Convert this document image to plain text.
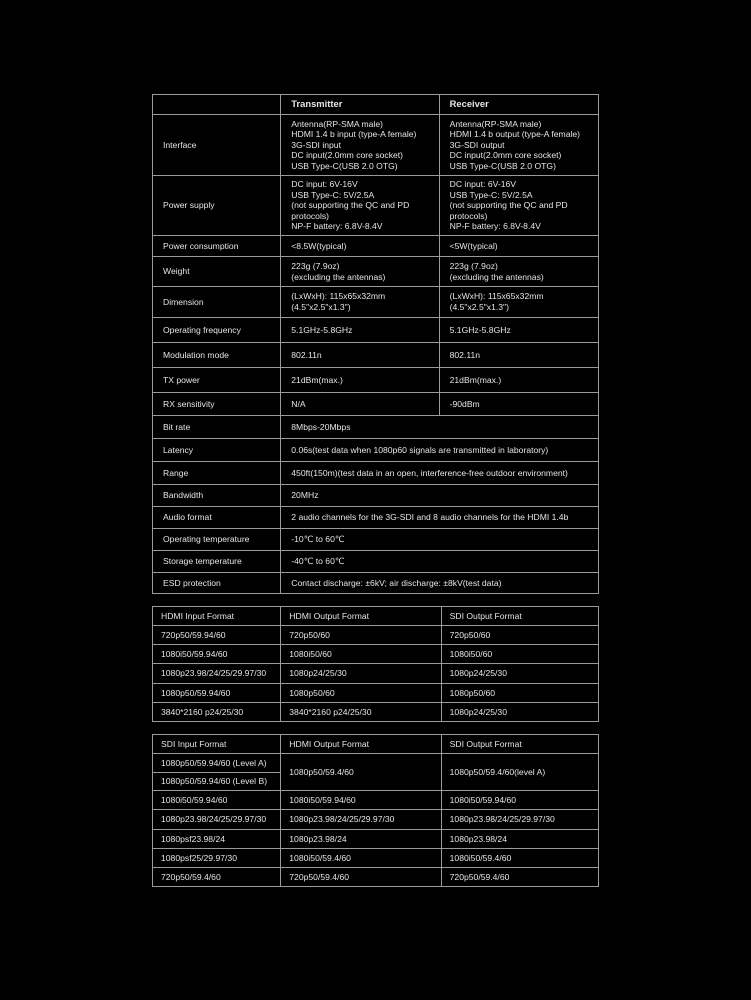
	Transmitter	Receiver
Interface	Antenna(RP-SMA male)
HDMI 1.4 b input (type-A female)
3G-SDI input
DC input(2.0mm core socket)
USB Type-C(USB 2.0 OTG)	Antenna(RP-SMA male)
HDMI 1.4 b output (type-A female)
3G-SDI output
DC input(2.0mm core socket)
USB Type-C(USB 2.0 OTG)
Power supply	DC input: 6V-16V
USB Type-C: 5V/2.5A
(not supporting the QC and PD
protocols)
NP-F battery: 6.8V-8.4V	DC input: 6V-16V
USB Type-C: 5V/2.5A
(not supporting the QC and PD
protocols)
NP-F battery: 6.8V-8.4V
Power consumption	<8.5W(typical)	<5W(typical)
Weight	223g (7.9oz)
(excluding the antennas)	223g (7.9oz)
(excluding the antennas)
Dimension	(LxWxH): 115x65x32mm (4.5"x2.5"x1.3")	(LxWxH): 115x65x32mm (4.5"x2.5"x1.3")
Operating frequency	5.1GHz-5.8GHz	5.1GHz-5.8GHz
Modulation mode	802.11n	802.11n
TX power	21dBm(max.)	21dBm(max.)
RX sensitivity	N/A	-90dBm
Bit rate	8Mbps-20Mbps	
Latency	0.06s(test data when 1080p60 signals are transmitted in laboratory)	
Range	450ft(150m)(test data in an open, interference-free outdoor environment)	
Bandwidth	20MHz	
Audio format	2 audio channels for the 3G-SDI and 8 audio channels for the HDMI 1.4b	
Operating temperature	-10℃ to 60℃	
Storage temperature	-40℃ to 60℃	
ESD protection	Contact discharge: ±6kV; air discharge: ±8kV(test data)	
HDMI Input Format	HDMI Output Format	SDI Output Format
720p50/59.94/60	720p50/60	720p50/60
1080i50/59.94/60	1080i50/60	1080i50/60
1080p23.98/24/25/29.97/30	1080p24/25/30	1080p24/25/30
1080p50/59.94/60	1080p50/60	1080p50/60
3840*2160 p24/25/30	3840*2160 p24/25/30	1080p24/25/30
SDI Input Format	HDMI Output Format	SDI Output Format
1080p50/59.94/60 (Level A)	1080p50/59.4/60	1080p50/59.4/60(level A)
1080p50/59.94/60 (Level B)		
1080i50/59.94/60	1080i50/59.94/60	1080i50/59.94/60
1080p23.98/24/25/29.97/30	1080p23.98/24/25/29.97/30	1080p23.98/24/25/29.97/30
1080psf23.98/24	1080p23.98/24	1080p23.98/24
1080psf25/29.97/30	1080i50/59.4/60	1080i50/59.4/60
720p50/59.4/60	720p50/59.4/60	720p50/59.4/60
